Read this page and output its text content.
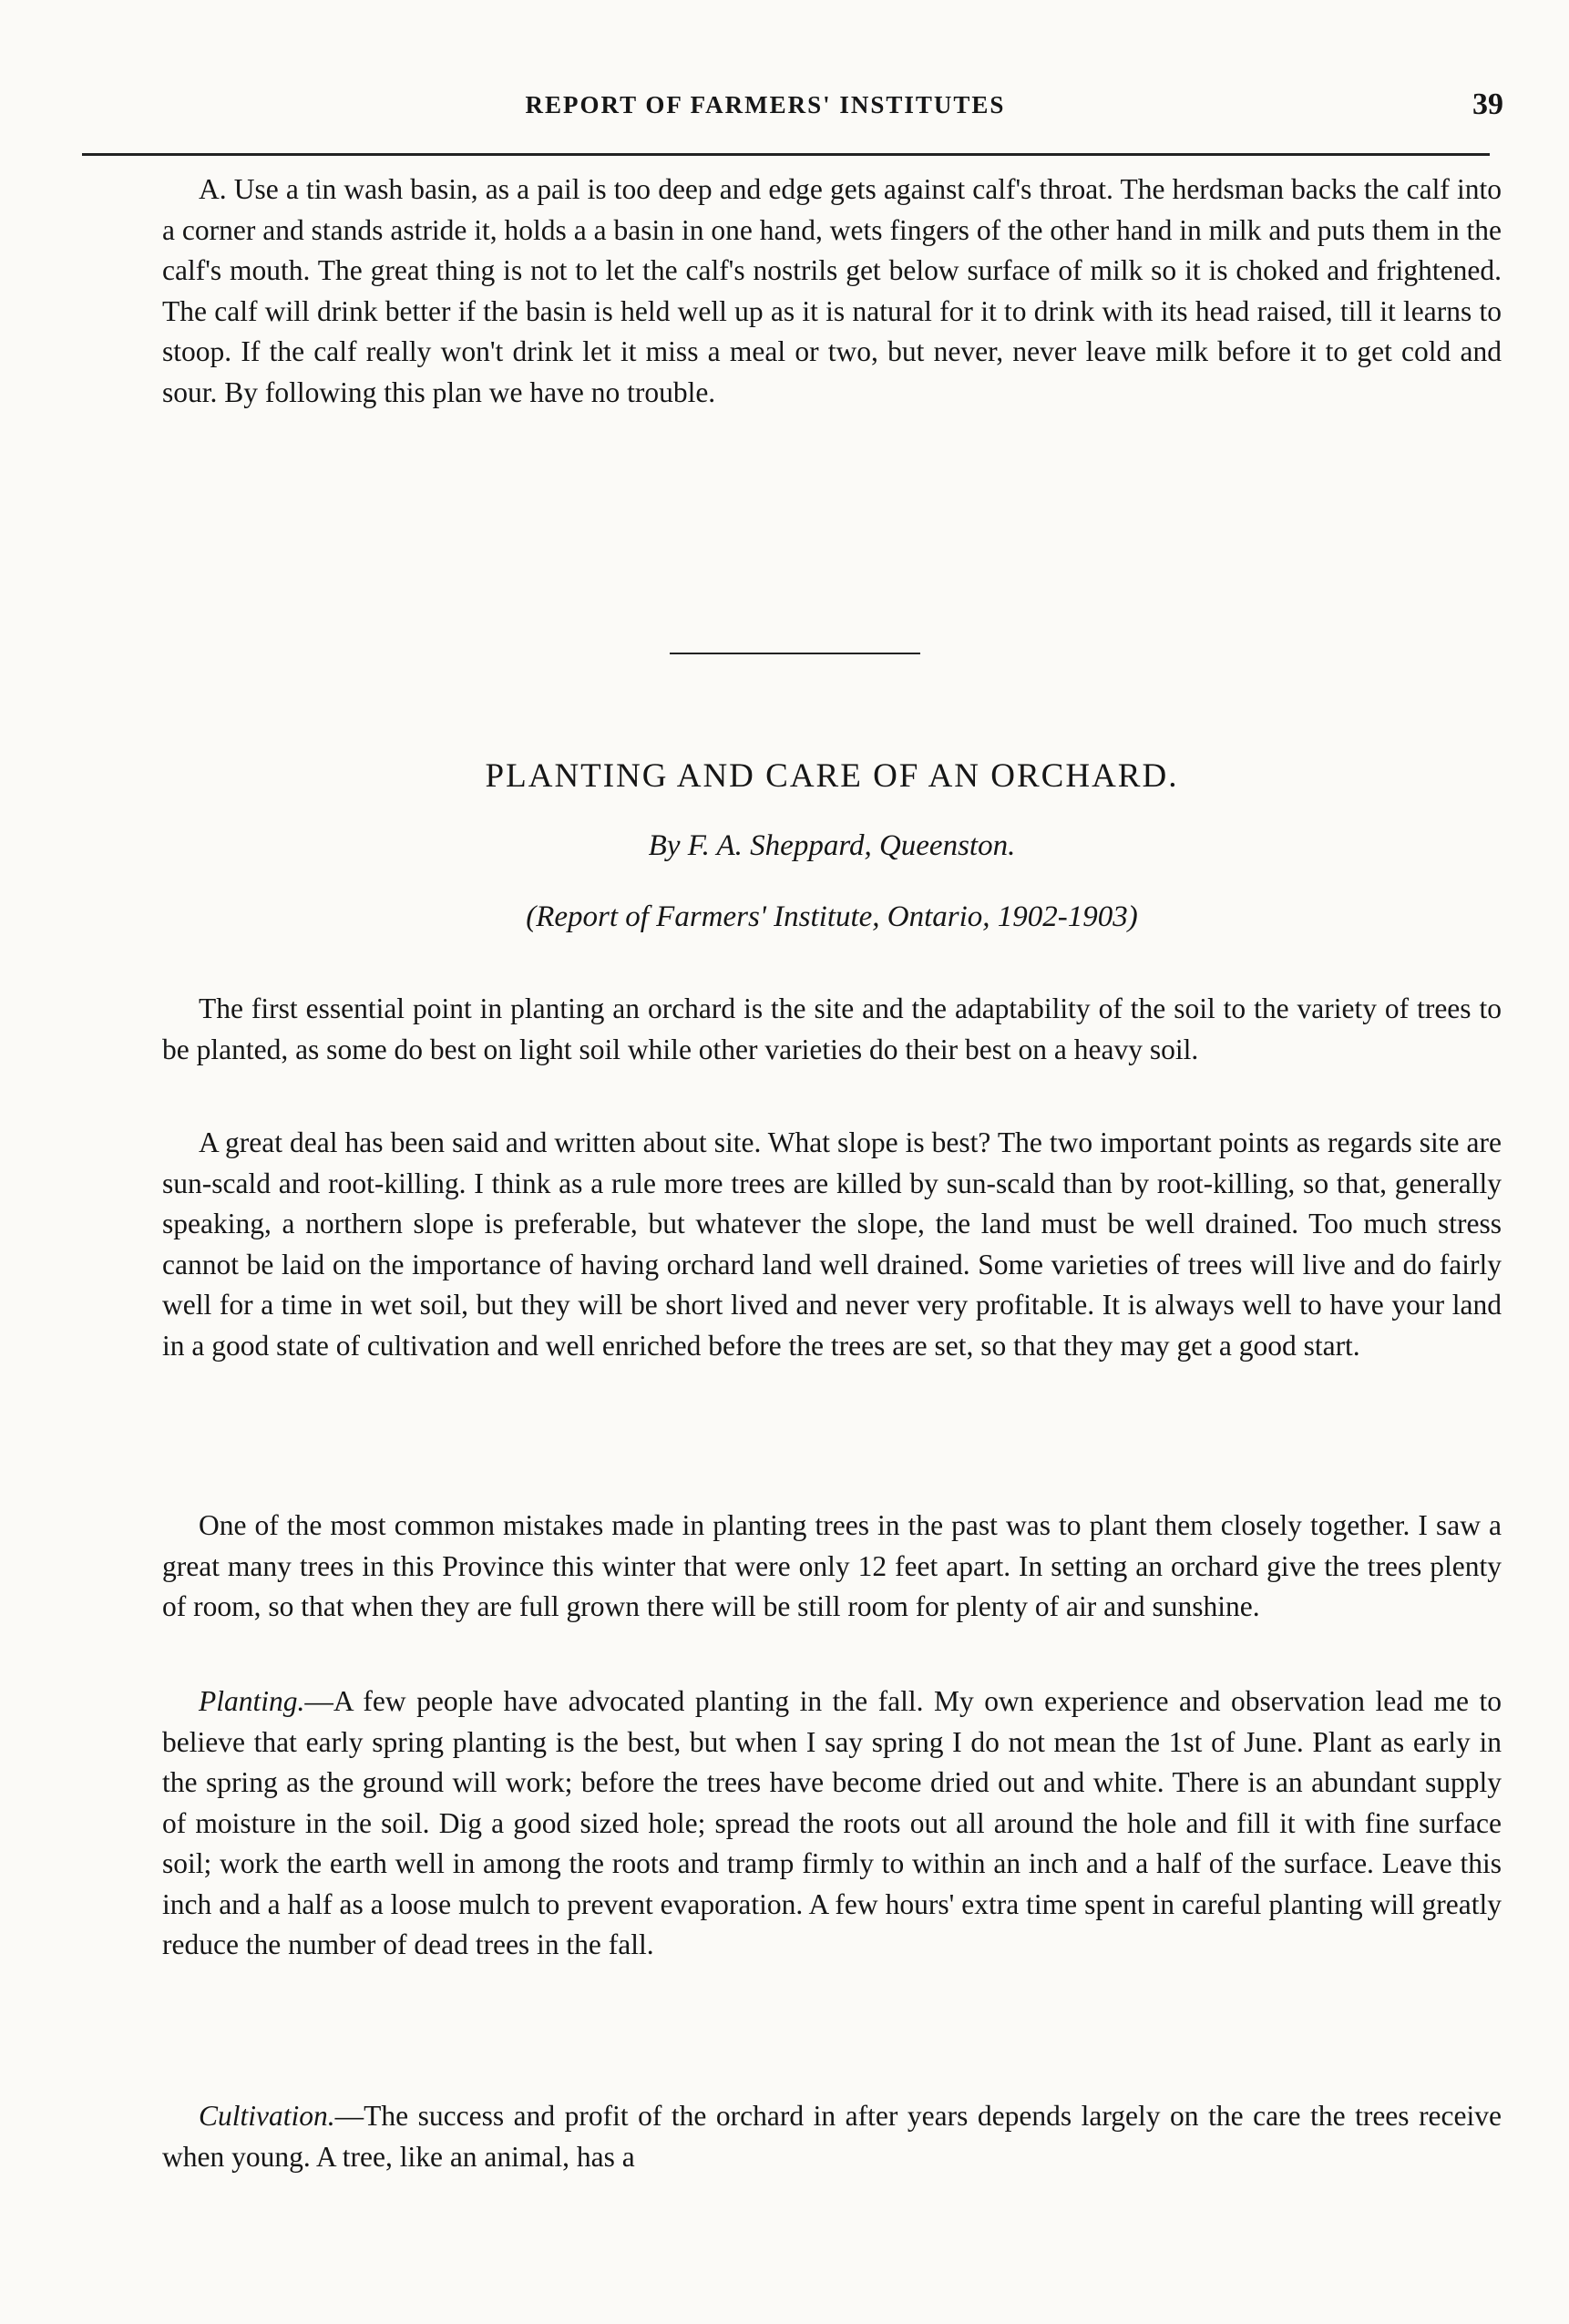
REPORT OF FARMERS' INSTITUTES	39

A. Use a tin wash basin, as a pail is too deep and edge gets against calf's throat. The herdsman backs the calf into a corner and stands astride it, holds a a basin in one hand, wets fingers of the other hand in milk and puts them in the calf's mouth. The great thing is not to let the calf's nostrils get below surface of milk so it is choked and frightened. The calf will drink better if the basin is held well up as it is natural for it to drink with its head raised, till it learns to stoop. If the calf really won't drink let it miss a meal or two, but never, never leave milk before it to get cold and sour. By following this plan we have no trouble.

PLANTING AND CARE OF AN ORCHARD.

By F. A. Sheppard, Queenston.

(Report of Farmers' Institute, Ontario, 1902-1903)

The first essential point in planting an orchard is the site and the adaptability of the soil to the variety of trees to be planted, as some do best on light soil while other varieties do their best on a heavy soil.

A great deal has been said and written about site. What slope is best? The two important points as regards site are sun-scald and root-killing. I think as a rule more trees are killed by sun-scald than by root-killing, so that, generally speaking, a northern slope is preferable, but whatever the slope, the land must be well drained. Too much stress cannot be laid on the importance of having orchard land well drained. Some varieties of trees will live and do fairly well for a time in wet soil, but they will be short lived and never very profitable. It is always well to have your land in a good state of cultivation and well enriched before the trees are set, so that they may get a good start.

One of the most common mistakes made in planting trees in the past was to plant them closely together. I saw a great many trees in this Province this winter that were only 12 feet apart. In setting an orchard give the trees plenty of room, so that when they are full grown there will be still room for plenty of air and sunshine.

Planting.—A few people have advocated planting in the fall. My own experience and observation lead me to believe that early spring planting is the best, but when I say spring I do not mean the 1st of June. Plant as early in the spring as the ground will work; before the trees have become dried out and white. There is an abundant supply of moisture in the soil. Dig a good sized hole; spread the roots out all around the hole and fill it with fine surface soil; work the earth well in among the roots and tramp firmly to within an inch and a half of the surface. Leave this inch and a half as a loose mulch to prevent evaporation. A few hours' extra time spent in careful planting will greatly reduce the number of dead trees in the fall.

Cultivation.—The success and profit of the orchard in after years depends largely on the care the trees receive when young. A tree, like an animal, has a
